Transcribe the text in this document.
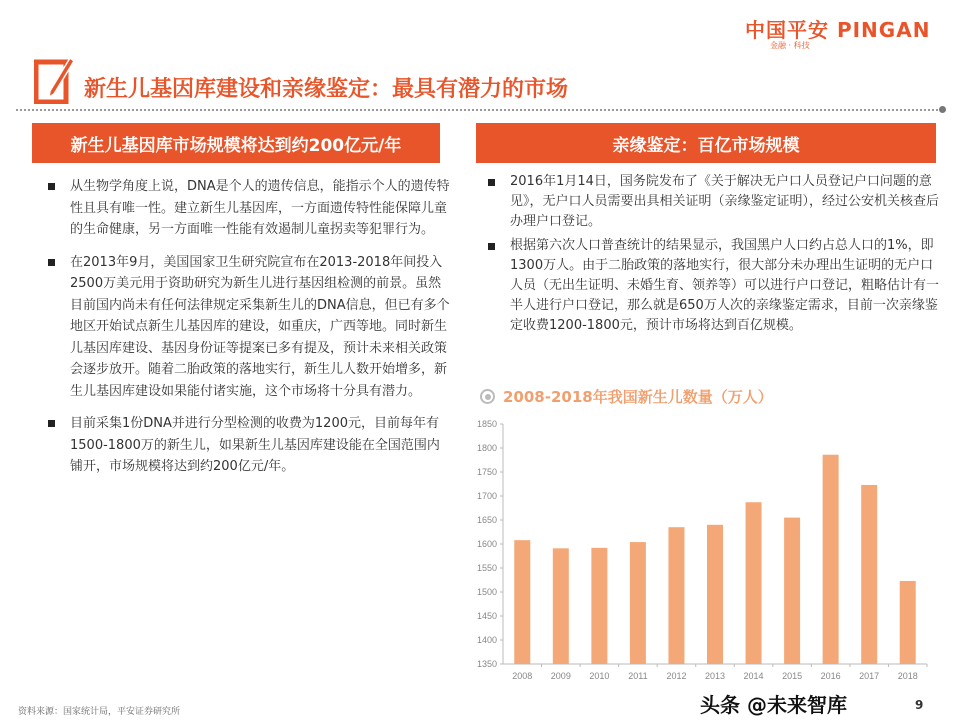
中国平安 PINGAN
金融 · 科技
新生儿基因库建设和亲缘鉴定：最具有潜力的市场
新生儿基因库市场规模将达到约200亿元/年	亲缘鉴定：百亿市场规模
从生物学角度上说，DNA是个人的遗传信息，能指示个人的遗传特性且具有唯一性。建立新生儿基因库，一方面遗传特性能保障儿童的生命健康，另一方面唯一性能有效遏制儿童拐卖等犯罪行为。
在2013年9月，美国国家卫生研究院宣布在2013-2018年间投入2500万美元用于资助研究为新生儿进行基因组检测的前景。虽然目前国内尚未有任何法律规定采集新生儿的DNA信息，但已有多个地区开始试点新生儿基因库的建设，如重庆，广西等地。同时新生儿基因库建设、基因身份证等提案已多有提及，预计未来相关政策会逐步放开。随着二胎政策的落地实行，新生儿人数开始增多，新生儿基因库建设如果能付诸实施，这个市场将十分具有潜力。
目前采集1份DNA并进行分型检测的收费为1200元，目前每年有1500-1800万的新生儿，如果新生儿基因库建设能在全国范围内铺开，市场规模将达到约200亿元/年。
2016年1月14日，国务院发布了《关于解决无户口人员登记户口问题的意见》，无户口人员需要出具相关证明（亲缘鉴定证明），经过公安机关核查后办理户口登记。
根据第六次人口普查统计的结果显示，我国黑户人口约占总人口的1%，即1300万人。由于二胎政策的落地实行，很大部分未办理出生证明的无户口人员（无出生证明、未婚生育、领养等）可以进行户口登记，粗略估计有一半人进行户口登记，那么就是650万人次的亲缘鉴定需求，目前一次亲缘鉴定收费1200-1800元，预计市场将达到百亿规模。
2008-2018年我国新生儿数量（万人）
1350
1400
1450
1500
1550
1600
1650
1700
1750
1800
1850
2008 2009 2010 2011 2012 2013 2014 2015 2016 2017 2018
资料来源：国家统计局，平安证券研究所	头条 @未来智库	9
